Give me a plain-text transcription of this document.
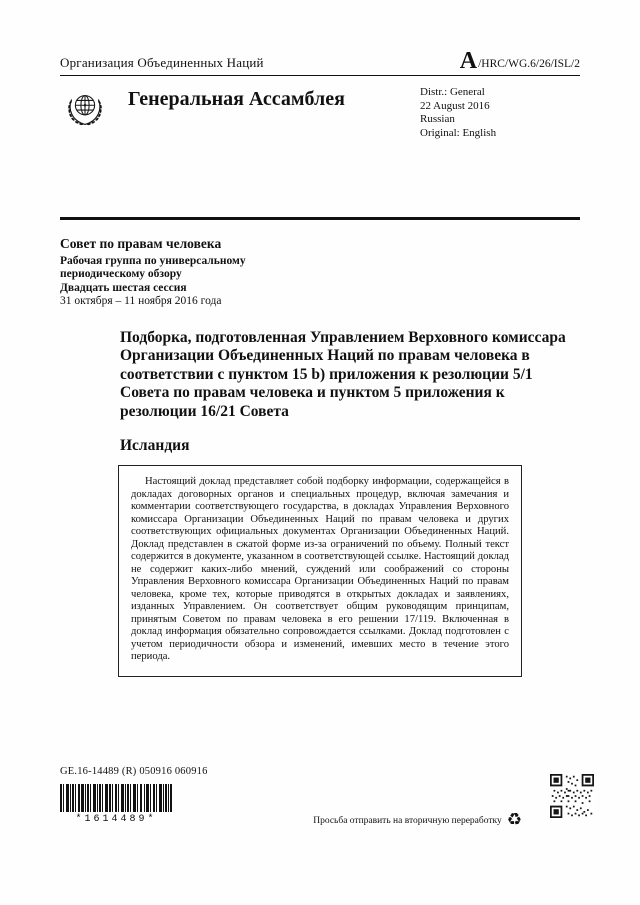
Организация Объединенных Наций	A /HRC/WG.6/26/ISL/2
Генеральная Ассамблея	Distr.: General
22 August 2016
Russian
Original: English
Совет по правам человека
Рабочая группа по универсальному
периодическому обзору
Двадцать шестая сессия
31 октября – 11 ноября 2016 года
Подборка, подготовленная Управлением Верховного комиссара Организации Объединенных Наций по правам человека в соответствии с пунктом 15 b) приложения к резолюции 5/1 Совета по правам человека и пунктом 5 приложения к резолюции 16/21 Совета
Исландия

Настоящий доклад представляет собой подборку информации, содержащейся в докладах договорных органов и специальных процедур, включая замечания и комментарии соответствующего государства, в докладах Управления Верховного комиссара Организации Объединенных Наций по правам человека и других соответствующих официальных документах Организации Объединенных Наций. Доклад представлен в сжатой форме из-за ограничений по объему. Полный текст содержится в документе, указанном в соответствующей ссылке. Настоящий доклад не содержит каких-либо мнений, суждений или соображений со стороны Управления Верховного комиссара Организации Объединенных Наций по правам человека, кроме тех, которые приводятся в открытых докладах и заявлениях, изданных Управлением. Он соответствует общим руководящим принципам, принятым Советом по правам человека в его решении 17/119. Включенная в доклад информация обязательно сопровождается ссылками. Доклад подготовлен с учетом периодичности обзора и изменений, имевших место в течение этого периода.

GE.16-14489 (R) 050916 060916
*1614489*	Просьба отправить на вторичную переработку ♻
